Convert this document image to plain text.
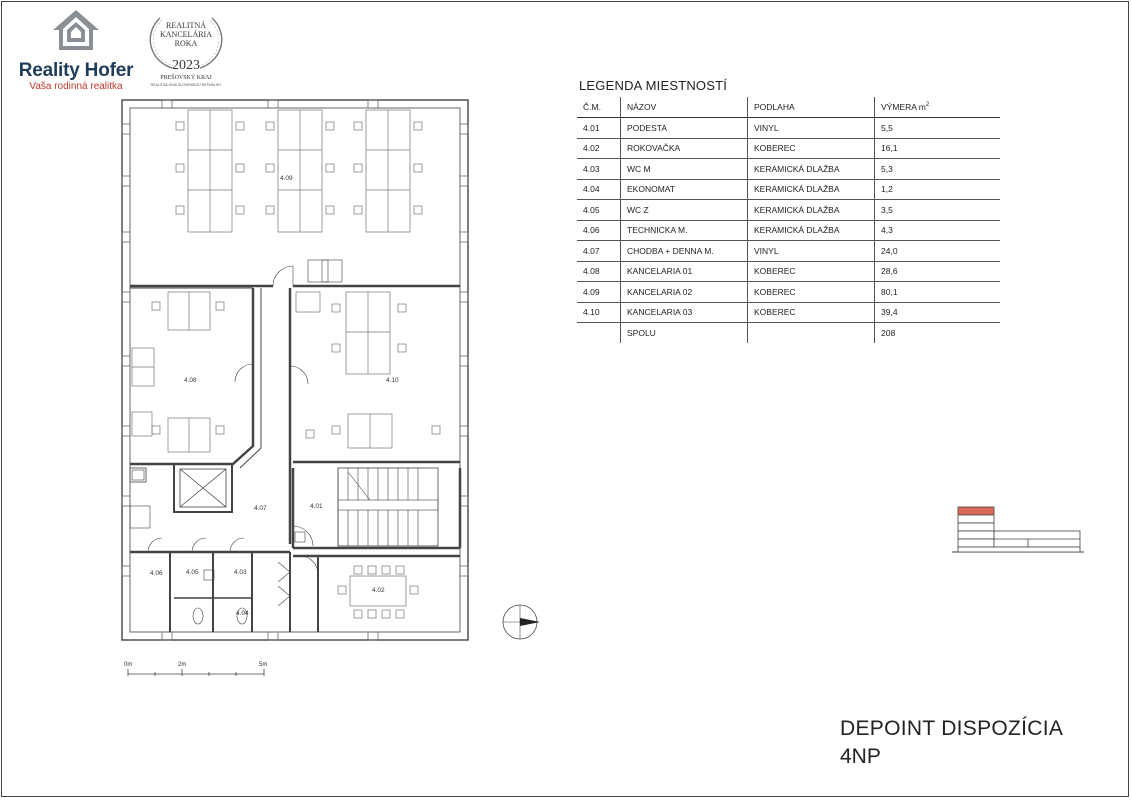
Reality Hofer
Vaša rodinná realitka
REALITNÁ
KANCELÁRIA
ROKA
2023
PREŠOVSKÝ KRAJ
REALITNÁ ÚNIA SLOVENSKEJ REPUBLIKY
4.09
4.08	4.10
4.07	4.01
4.02
4.06	4.05	4.03
4.04
0m	2m	5m
LEGENDA MIESTNOSTÍ
Č.M.	NÁZOV	PODLAHA	VÝMERA $m^2$
4.01	PODESTA	VINYL	5,5
4.02	ROKOVAČKA	KOBEREC	16,1
4.03	WC M	KERAMICKÁ DLAŽBA	5,3
4.04	EKONOMAT	KERAMICKÁ DLAŽBA	1,2
4.05	WC Z	KERAMICKÁ DLAŽBA	3,5
4.06	TECHNICKA M.	KERAMICKÁ DLAŽBA	4,3
4.07	CHODBA + DENNA M.	VINYL	24,0
4.08	KANCELARIA 01	KOBEREC	28,6
4.09	KANCELARIA 02	KOBEREC	80,1
4.10	KANCELARIA 03	KOBEREC	39,4
	SPOLU		208
DEPOINT DISPOZÍCIA
4NP
